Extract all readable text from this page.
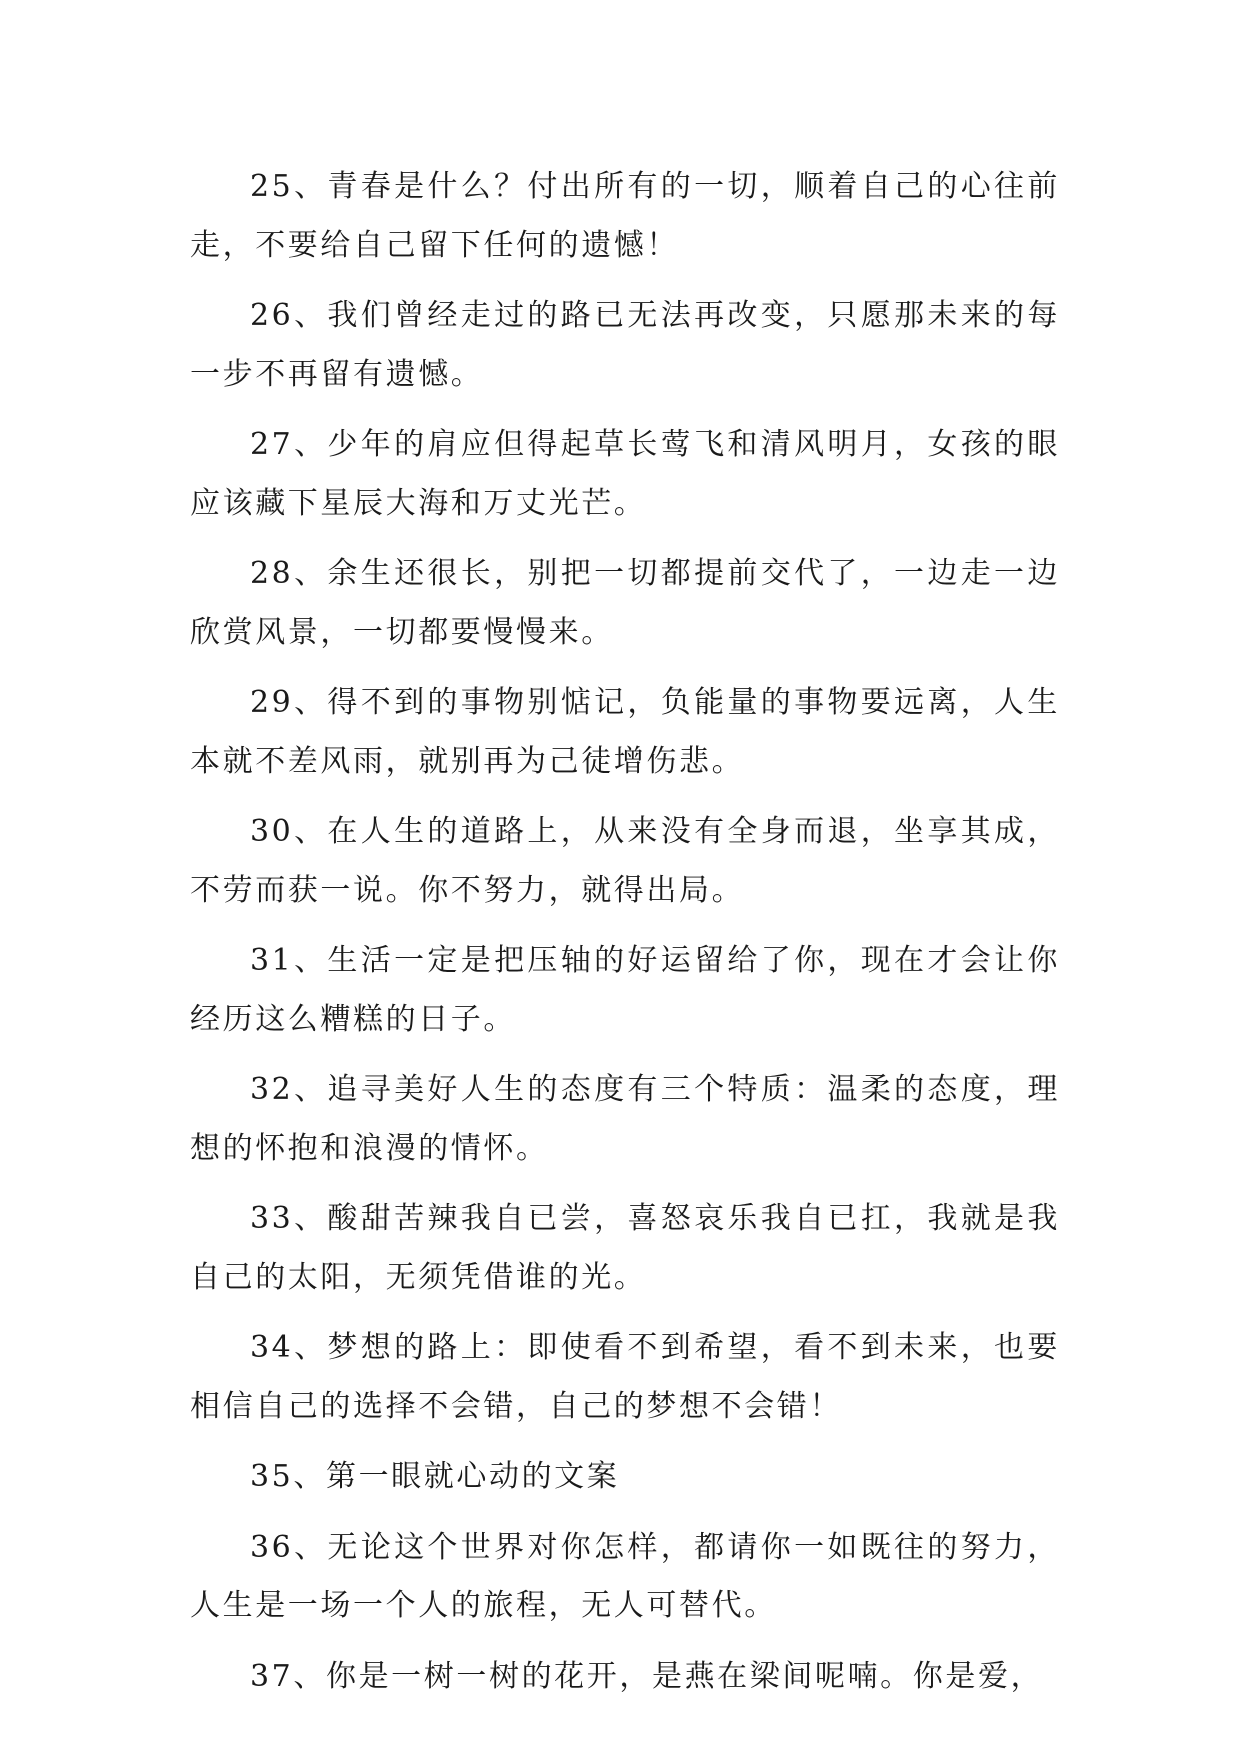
25、青春是什么？付出所有的一切，顺着自己的心往前走，不要给自己留下任何的遗憾！

26、我们曾经走过的路已无法再改变，只愿那未来的每一步不再留有遗憾。

27、少年的肩应但得起草长莺飞和清风明月，女孩的眼应该藏下星辰大海和万丈光芒。

28、余生还很长，别把一切都提前交代了，一边走一边欣赏风景，一切都要慢慢来。

29、得不到的事物别惦记，负能量的事物要远离，人生本就不差风雨，就别再为己徒增伤悲。

30、在人生的道路上，从来没有全身而退，坐享其成，不劳而获一说。你不努力，就得出局。

31、生活一定是把压轴的好运留给了你，现在才会让你经历这么糟糕的日子。

32、追寻美好人生的态度有三个特质：温柔的态度，理想的怀抱和浪漫的情怀。

33、酸甜苦辣我自已尝，喜怒哀乐我自已扛，我就是我自己的太阳，无须凭借谁的光。

34、梦想的路上：即使看不到希望，看不到未来，也要相信自己的选择不会错，自己的梦想不会错！

35、第一眼就心动的文案

36、无论这个世界对你怎样，都请你一如既往的努力，人生是一场一个人的旅程，无人可替代。

37、你是一树一树的花开，是燕在梁间呢喃。你是爱，
